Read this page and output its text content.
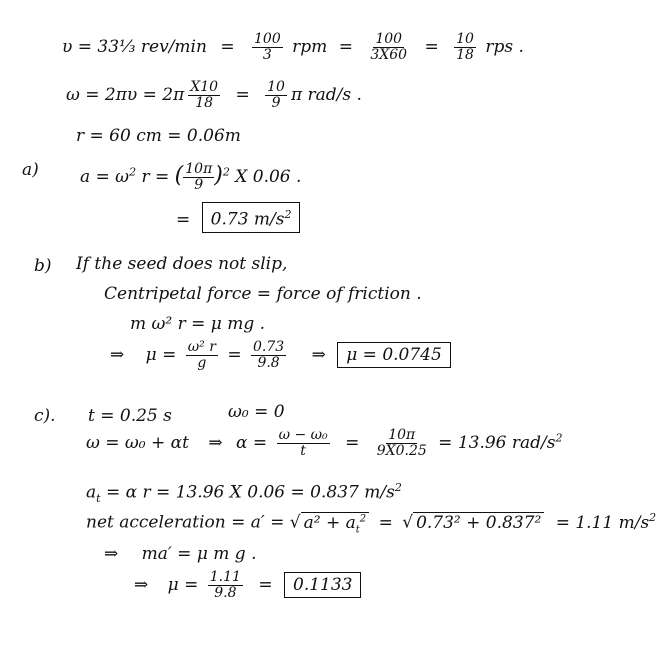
υ = 33⅓ $rev/\min = \frac{100}{3}$ rpm = $\frac{100}{3X60} = \frac{10}{18}$ rps .
$\omega = 2\pi\upsilon = 2\pi \frac{X10}{18} = \frac{10}{9}$ π rad/s .
r = 60 cm = 0.06m
a) $a = \omega^2$ r = ( $\frac{10\pi}{9} )^2$ X 0.06 .
= 0.73 $m/s^2$
b) If the seed does not slip,
Centripetal force = force of friction .
m ω² r = μ mg .
⇒ $\mu = \frac{\text{ω² r}}{g} = \frac{0.73}{9.8}$ ⇒ μ = 0.0745
c). t = 0.25 s	ω₀ = 0
ω = ω₀ + αt ⇒ $\alpha = \frac{\text{ω − ω₀}}{t} = \frac{10\pi}{9X0.25} = 13.96$ rad/$s^2$
$a_t = \alpha$ r = 13.96 X 0.06 = 0.837 $m/s^2$
net acceleration = a′ = √ $a^2 + a_t^2$ = √ 0.73² + 0.837² = 1.11 $m/s^2$
⇒ ma′ = μ m g .
⇒ $\mu = \frac{1.11}{9.8} = 0.1133$
